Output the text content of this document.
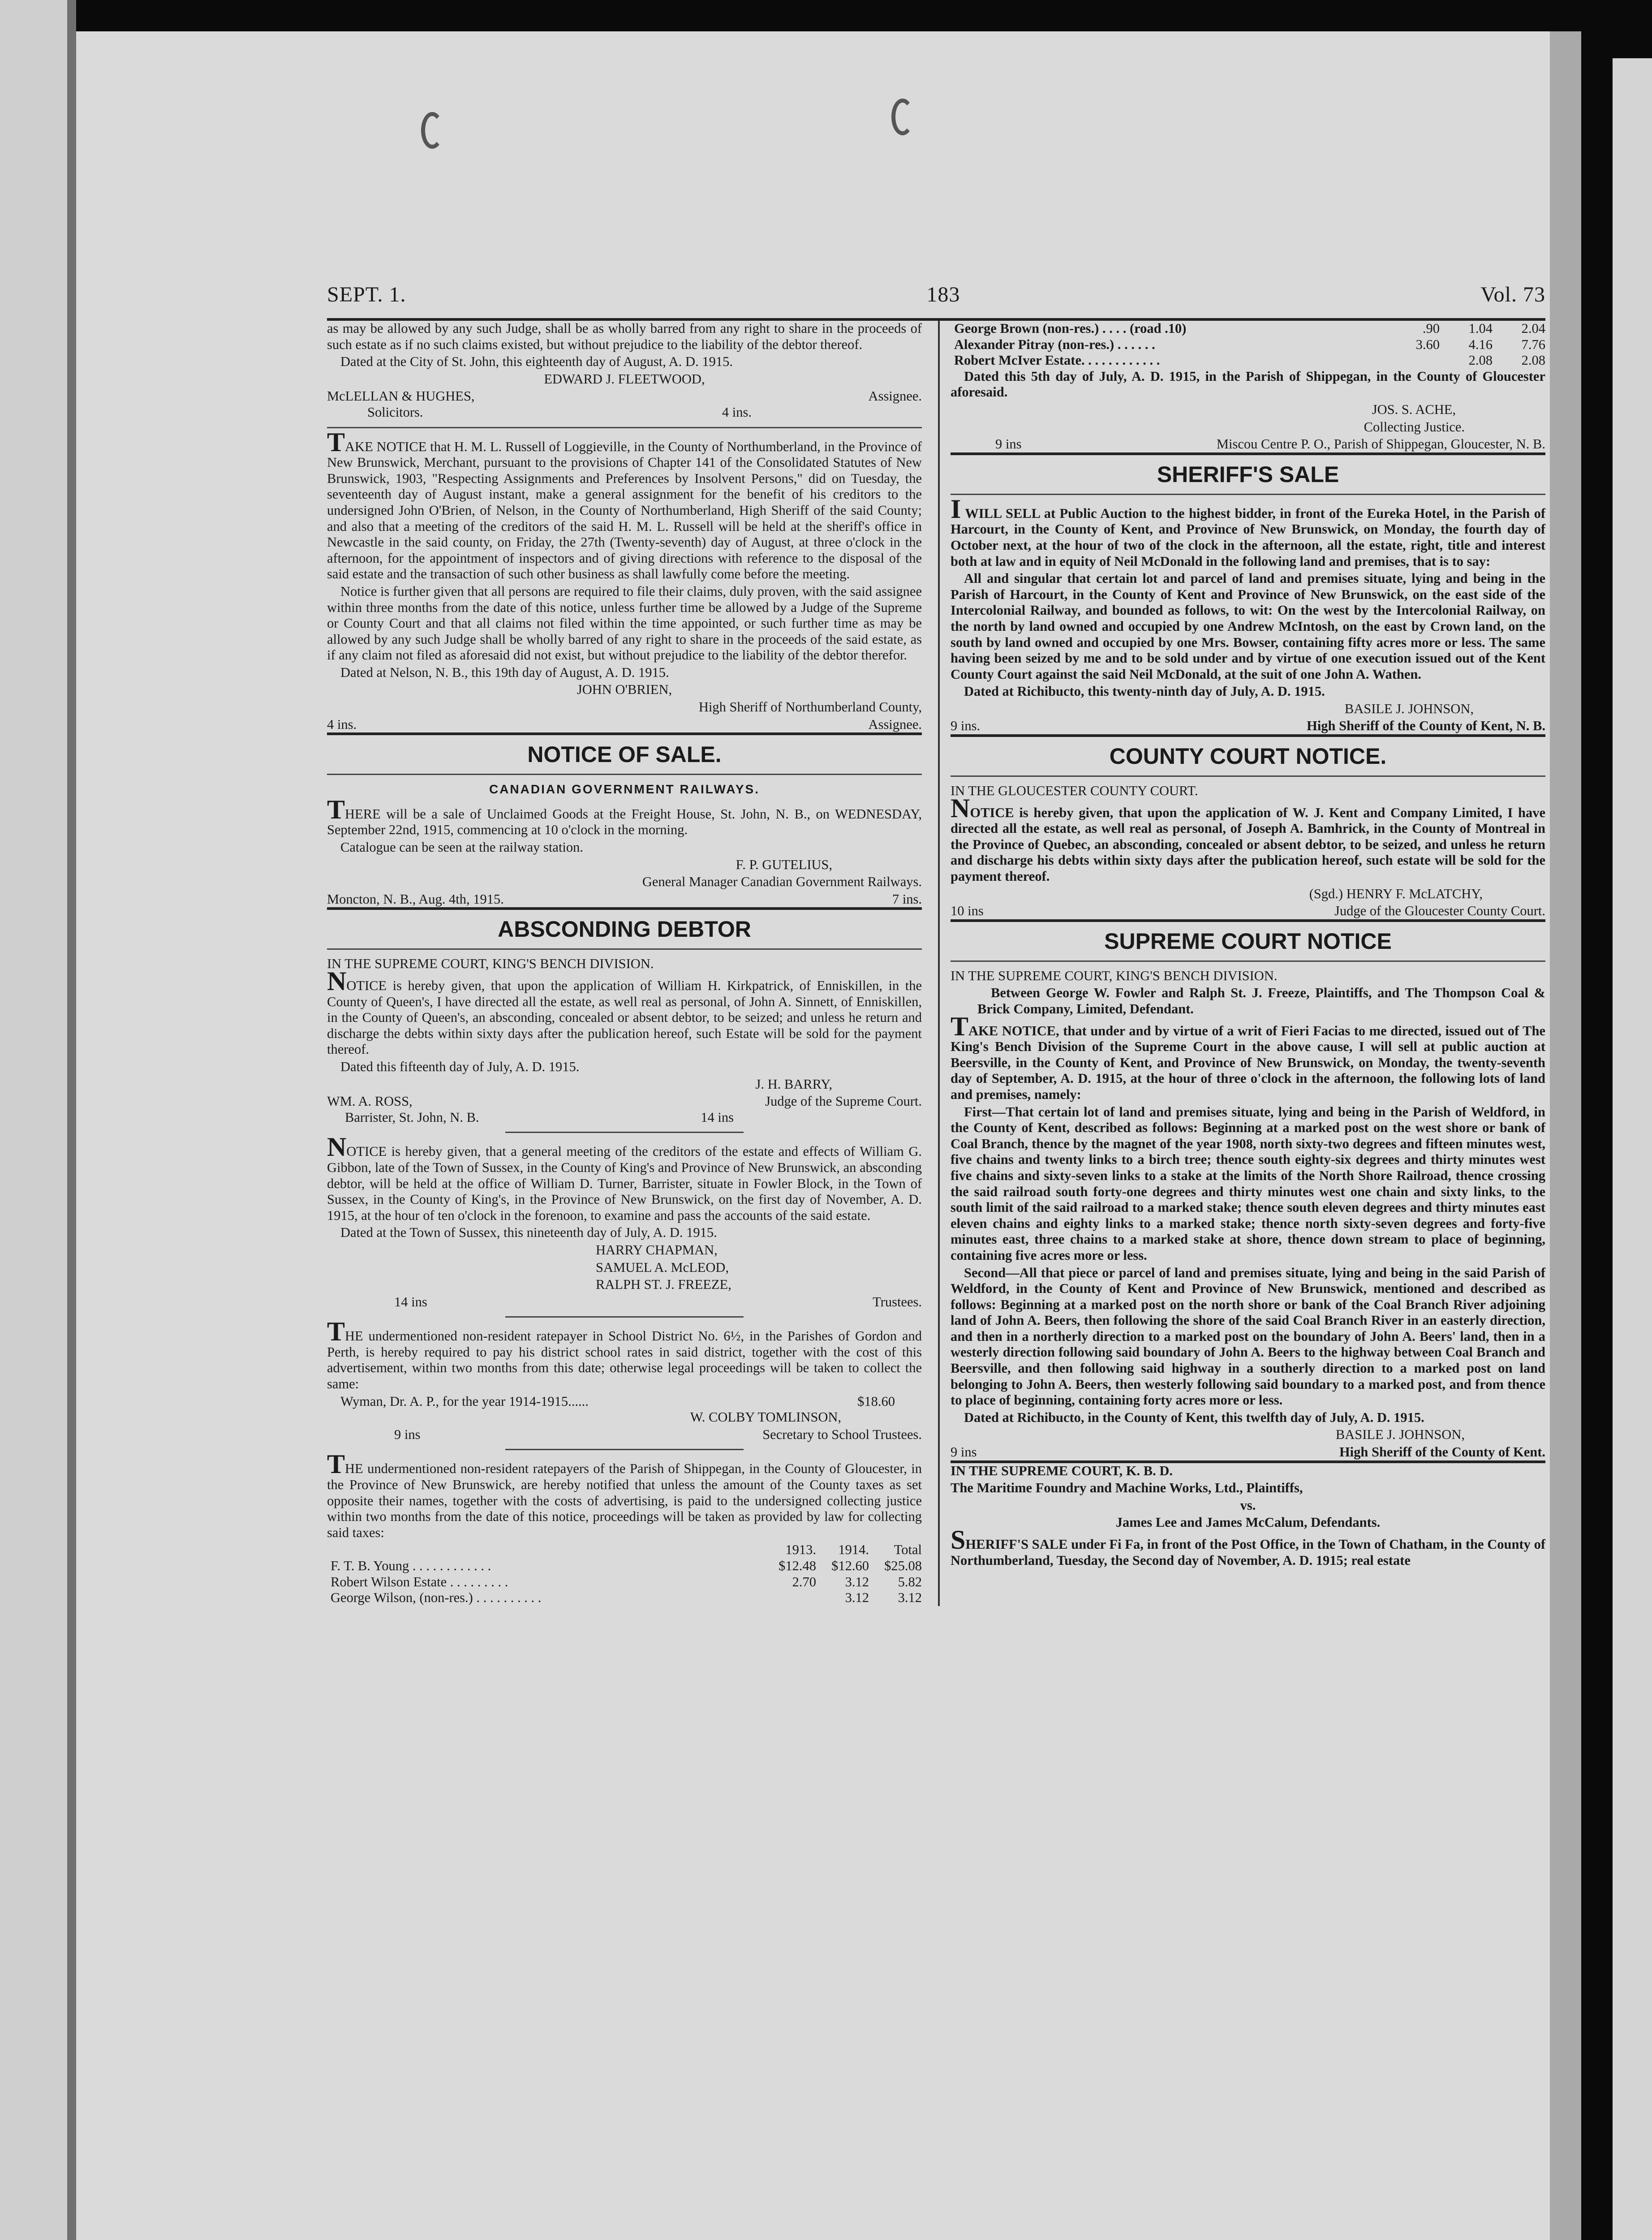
SEPT. 1.	183	Vol. 73

as may be allowed by any such Judge, shall be as wholly barred from any right to share in the proceeds of such estate as if no such claims existed, but without prejudice to the liability of the debtor thereof.

Dated at the City of St. John, this eighteenth day of August, A. D. 1915.

EDWARD J. FLEETWOOD,

McLELLAN & HUGHES,	Assignee.
Solicitors.	4 ins.

TAKE NOTICE that H. M. L. Russell of Loggieville, in the County of Northumberland, in the Province of New Brunswick, Merchant, pursuant to the provisions of Chapter 141 of the Consolidated Statutes of New Brunswick, 1903, "Respecting Assignments and Preferences by Insolvent Persons," did on Tuesday, the seventeenth day of August instant, make a general assignment for the benefit of his creditors to the undersigned John O'Brien, of Nelson, in the County of Northumberland, High Sheriff of the said County; and also that a meeting of the creditors of the said H. M. L. Russell will be held at the sheriff's office in Newcastle in the said county, on Friday, the 27th (Twenty-seventh) day of August, at three o'clock in the afternoon, for the appointment of inspectors and of giving directions with reference to the disposal of the said estate and the transaction of such other business as shall lawfully come before the meeting.

Notice is further given that all persons are required to file their claims, duly proven, with the said assignee within three months from the date of this notice, unless further time be allowed by a Judge of the Supreme or County Court and that all claims not filed within the time appointed, or such further time as may be allowed by any such Judge shall be wholly barred of any right to share in the proceeds of the said estate, as if any claim not filed as aforesaid did not exist, but without prejudice to the liability of the debtor therefor.

Dated at Nelson, N. B., this 19th day of August, A. D. 1915.

JOHN O'BRIEN,

High Sheriff of Northumberland County,

4 ins.	Assignee.
NOTICE OF SALE.
CANADIAN GOVERNMENT RAILWAYS.

THERE will be a sale of Unclaimed Goods at the Freight House, St. John, N. B., on WEDNESDAY, September 22nd, 1915, commencing at 10 o'clock in the morning.

Catalogue can be seen at the railway station.

F. P. GUTELIUS,

General Manager Canadian Government Railways.

Moncton, N. B., Aug. 4th, 1915.	7 ins.
ABSCONDING DEBTOR

IN THE SUPREME COURT, KING'S BENCH DIVISION.

NOTICE is hereby given, that upon the application of William H. Kirkpatrick, of Enniskillen, in the County of Queen's, I have directed all the estate, as well real as personal, of John A. Sinnett, of Enniskillen, in the County of Queen's, an absconding, concealed or absent debtor, to be seized; and unless he return and discharge the debts within sixty days after the publication hereof, such Estate will be sold for the payment thereof.

Dated this fifteenth day of July, A. D. 1915.

J. H. BARRY,

WM. A. ROSS,	Judge of the Supreme Court.
Barrister, St. John, N. B.	14 ins

NOTICE is hereby given, that a general meeting of the creditors of the estate and effects of William G. Gibbon, late of the Town of Sussex, in the County of King's and Province of New Brunswick, an absconding debtor, will be held at the office of William D. Turner, Barrister, situate in Fowler Block, in the Town of Sussex, in the County of King's, in the Province of New Brunswick, on the first day of November, A. D. 1915, at the hour of ten o'clock in the forenoon, to examine and pass the accounts of the said estate.

Dated at the Town of Sussex, this nineteenth day of July, A. D. 1915.

HARRY CHAPMAN,

SAMUEL A. McLEOD,

RALPH ST. J. FREEZE,

14 ins	Trustees.

THE undermentioned non-resident ratepayer in School District No. 6½, in the Parishes of Gordon and Perth, is hereby required to pay his district school rates in said district, together with the cost of this advertisement, within two months from this date; otherwise legal proceedings will be taken to collect the same:

Wyman, Dr. A. P., for the year 1914-1915......	$18.60

W. COLBY TOMLINSON,

9 ins	Secretary to School Trustees.

THE undermentioned non-resident ratepayers of the Parish of Shippegan, in the County of Gloucester, in the Province of New Brunswick, are hereby notified that unless the amount of the County taxes as set opposite their names, together with the costs of advertising, is paid to the undersigned collecting justice within two months from the date of this notice, proceedings will be taken as provided by law for collecting said taxes:

	1913.	1914.	Total
F. T. B. Young . . . . . . . . . . . .	$12.48	$12.60	$25.08
Robert Wilson Estate . . . . . . . . .	2.70	3.12	5.82
George Wilson, (non-res.) . . . . . . . . . .		3.12	3.12
George Brown (non-res.) . . . . (road .10)	.90	1.04	2.04
Alexander Pitray (non-res.) . . . . . .	3.60	4.16	7.76
Robert McIver Estate. . . . . . . . . . . .		2.08	2.08

Dated this 5th day of July, A. D. 1915, in the Parish of Shippegan, in the County of Gloucester aforesaid.

JOS. S. ACHE,

Collecting Justice.

9 ins	Miscou Centre P. O., Parish of Shippegan, Gloucester, N. B.
SHERIFF'S SALE

I WILL SELL at Public Auction to the highest bidder, in front of the Eureka Hotel, in the Parish of Harcourt, in the County of Kent, and Province of New Brunswick, on Monday, the fourth day of October next, at the hour of two of the clock in the afternoon, all the estate, right, title and interest both at law and in equity of Neil McDonald in the following land and premises, that is to say:

All and singular that certain lot and parcel of land and premises situate, lying and being in the Parish of Harcourt, in the County of Kent and Province of New Brunswick, on the east side of the Intercolonial Railway, and bounded as follows, to wit: On the west by the Intercolonial Railway, on the north by land owned and occupied by one Andrew McIntosh, on the east by Crown land, on the south by land owned and occupied by one Mrs. Bowser, containing fifty acres more or less. The same having been seized by me and to be sold under and by virtue of one execution issued out of the Kent County Court against the said Neil McDonald, at the suit of one John A. Wathen.

Dated at Richibucto, this twenty-ninth day of July, A. D. 1915.

BASILE J. JOHNSON,

9 ins.	High Sheriff of the County of Kent, N. B.
COUNTY COURT NOTICE.

IN THE GLOUCESTER COUNTY COURT.

NOTICE is hereby given, that upon the application of W. J. Kent and Company Limited, I have directed all the estate, as well real as personal, of Joseph A. Bamhrick, in the County of Montreal in the Province of Quebec, an absconding, concealed or absent debtor, to be seized, and unless he return and discharge his debts within sixty days after the publication hereof, such estate will be sold for the payment thereof.

(Sgd.) HENRY F. McLATCHY,

10 ins	Judge of the Gloucester County Court.
SUPREME COURT NOTICE

IN THE SUPREME COURT, KING'S BENCH DIVISION.

Between George W. Fowler and Ralph St. J. Freeze, Plaintiffs, and The Thompson Coal & Brick Company, Limited, Defendant.

TAKE NOTICE, that under and by virtue of a writ of Fieri Facias to me directed, issued out of The King's Bench Division of the Supreme Court in the above cause, I will sell at public auction at Beersville, in the County of Kent, and Province of New Brunswick, on Monday, the twenty-seventh day of September, A. D. 1915, at the hour of three o'clock in the afternoon, the following lots of land and premises, namely:

First—That certain lot of land and premises situate, lying and being in the Parish of Weldford, in the County of Kent, described as follows: Beginning at a marked post on the west shore or bank of Coal Branch, thence by the magnet of the year 1908, north sixty-two degrees and fifteen minutes west, five chains and twenty links to a birch tree; thence south eighty-six degrees and thirty minutes west five chains and sixty-seven links to a stake at the limits of the North Shore Railroad, thence crossing the said railroad south forty-one degrees and thirty minutes west one chain and sixty links, to the south limit of the said railroad to a marked stake; thence south eleven degrees and thirty minutes east eleven chains and eighty links to a marked stake; thence north sixty-seven degrees and forty-five minutes east, three chains to a marked stake at shore, thence down stream to place of beginning, containing five acres more or less.

Second—All that piece or parcel of land and premises situate, lying and being in the said Parish of Weldford, in the County of Kent and Province of New Brunswick, mentioned and described as follows: Beginning at a marked post on the north shore or bank of the Coal Branch River adjoining land of John A. Beers, then following the shore of the said Coal Branch River in an easterly direction, and then in a northerly direction to a marked post on the boundary of John A. Beers' land, then in a westerly direction following said boundary of John A. Beers to the highway between Coal Branch and Beersville, and then following said highway in a southerly direction to a marked post on land belonging to John A. Beers, then westerly following said boundary to a marked post, and from thence to place of beginning, containing forty acres more or less.

Dated at Richibucto, in the County of Kent, this twelfth day of July, A. D. 1915.

BASILE J. JOHNSON,

9 ins	High Sheriff of the County of Kent.

IN THE SUPREME COURT, K. B. D.

The Maritime Foundry and Machine Works, Ltd., Plaintiffs,

vs.

James Lee and James McCalum, Defendants.

SHERIFF'S SALE under Fi Fa, in front of the Post Office, in the Town of Chatham, in the County of Northumberland, Tuesday, the Second day of November, A. D. 1915; real estate
